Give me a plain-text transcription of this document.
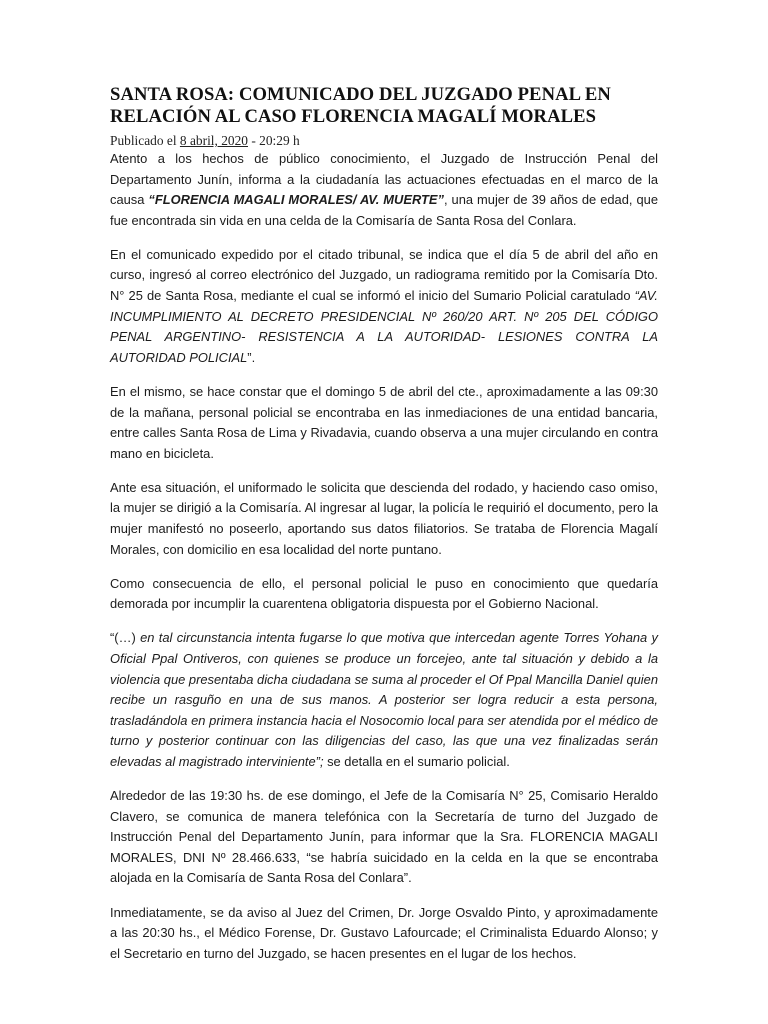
SANTA ROSA: COMUNICADO DEL JUZGADO PENAL EN RELACIÓN AL CASO FLORENCIA MAGALÍ MORALES

Publicado el 8 abril, 2020 - 20:29 h

Atento a los hechos de público conocimiento, el Juzgado de Instrucción Penal del Departamento Junín, informa a la ciudadanía las actuaciones efectuadas en el marco de la causa “FLORENCIA MAGALI MORALES/ AV. MUERTE”, una mujer de 39 años de edad, que fue encontrada sin vida en una celda de la Comisaría de Santa Rosa del Conlara.

En el comunicado expedido por el citado tribunal, se indica que el día 5 de abril del año en curso, ingresó al correo electrónico del Juzgado, un radiograma remitido por la Comisaría Dto. N° 25 de Santa Rosa, mediante el cual se informó el inicio del Sumario Policial caratulado “AV. INCUMPLIMIENTO AL DECRETO PRESIDENCIAL Nº 260/20 ART. Nº 205 DEL CÓDIGO PENAL ARGENTINO- RESISTENCIA A LA AUTORIDAD- LESIONES CONTRA LA AUTORIDAD POLICIAL”.

En el mismo, se hace constar que el domingo 5 de abril del cte., aproximadamente a las 09:30 de la mañana, personal policial se encontraba en las inmediaciones de una entidad bancaria, entre calles Santa Rosa de Lima y Rivadavia, cuando observa a una mujer circulando en contra mano en bicicleta.

Ante esa situación, el uniformado le solicita que descienda del rodado, y haciendo caso omiso, la mujer se dirigió a la Comisaría. Al ingresar al lugar, la policía le requirió el documento, pero la mujer manifestó no poseerlo, aportando sus datos filiatorios. Se trataba de Florencia Magalí Morales, con domicilio en esa localidad del norte puntano.

Como consecuencia de ello, el personal policial le puso en conocimiento que quedaría demorada por incumplir la cuarentena obligatoria dispuesta por el Gobierno Nacional.

“(…) en tal circunstancia intenta fugarse lo que motiva que intercedan agente Torres Yohana y Oficial Ppal Ontiveros, con quienes se produce un forcejeo, ante tal situación y debido a la violencia que presentaba dicha ciudadana se suma al proceder el Of Ppal Mancilla Daniel quien recibe un rasguño en una de sus manos. A posterior ser logra reducir a esta persona, trasladándola en primera instancia hacia el Nosocomio local para ser atendida por el médico de turno y posterior continuar con las diligencias del caso, las que una vez finalizadas serán elevadas al magistrado interviniente”; se detalla en el sumario policial.

Alrededor de las 19:30 hs. de ese domingo, el Jefe de la Comisaría N° 25, Comisario Heraldo Clavero, se comunica de manera telefónica con la Secretaría de turno del Juzgado de Instrucción Penal del Departamento Junín, para informar que la Sra. FLORENCIA MAGALI MORALES, DNI Nº 28.466.633, “se habría suicidado en la celda en la que se encontraba alojada en la Comisaría de Santa Rosa del Conlara”.

Inmediatamente, se da aviso al Juez del Crimen, Dr. Jorge Osvaldo Pinto, y aproximadamente a las 20:30 hs., el Médico Forense, Dr. Gustavo Lafourcade; el Criminalista Eduardo Alonso; y el Secretario en turno del Juzgado, se hacen presentes en el lugar de los hechos.
